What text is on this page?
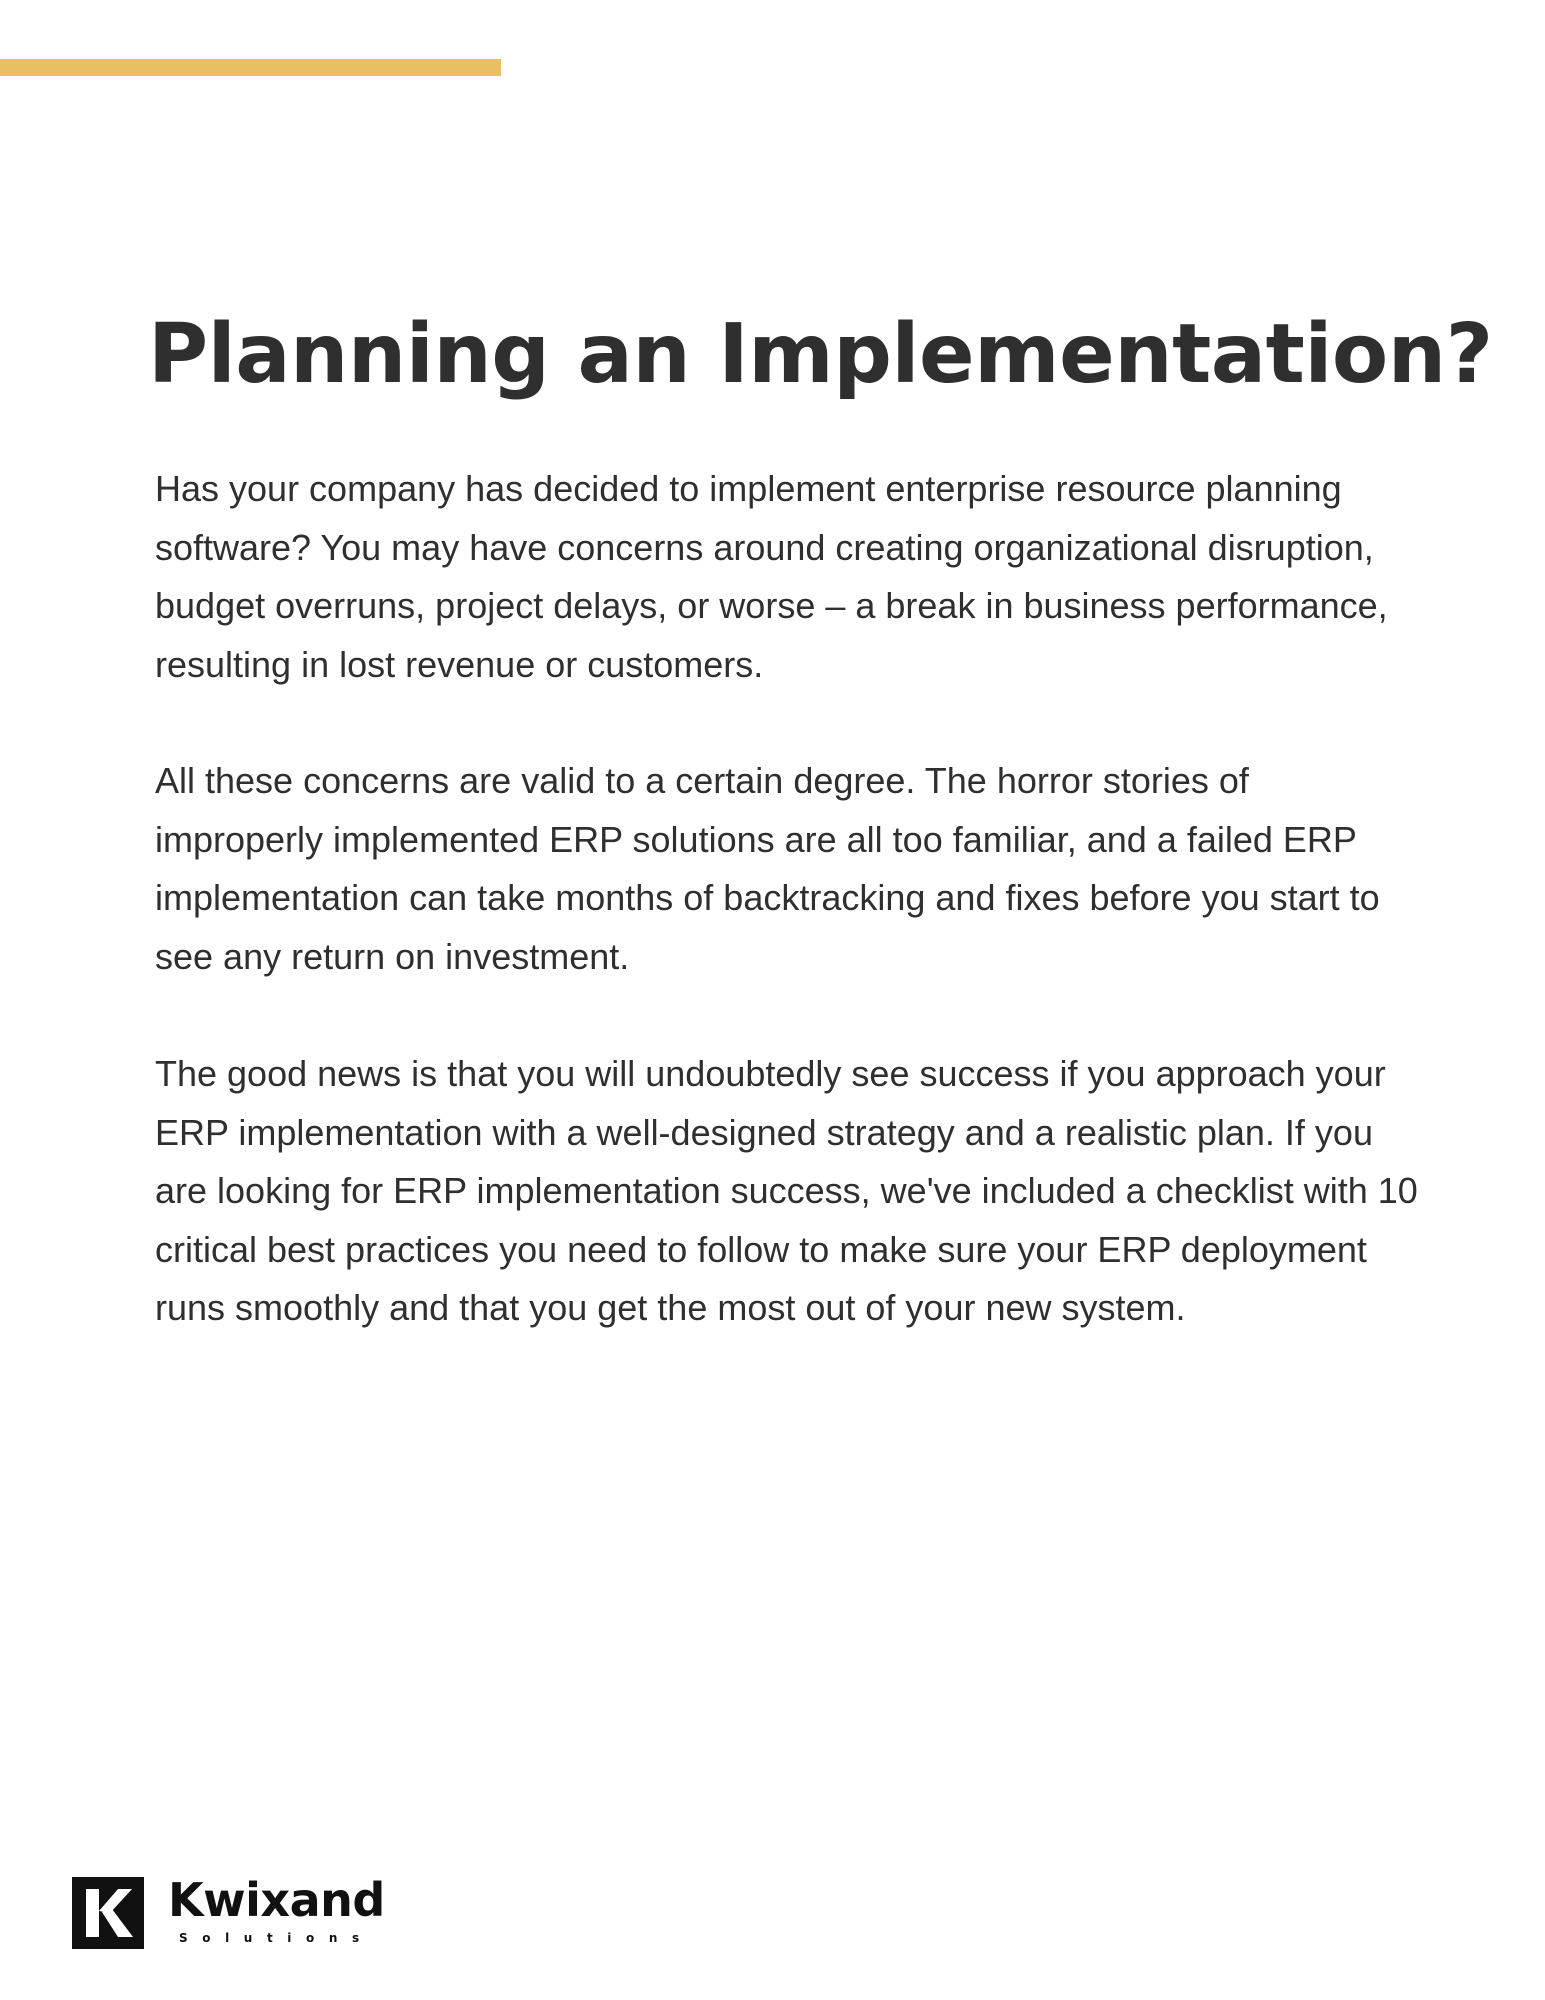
Planning an Implementation?

Has your company has decided to implement enterprise resource planning software? You may have concerns around creating organizational disruption, budget overruns, project delays, or worse – a break in business performance, resulting in lost revenue or customers.

All these concerns are valid to a certain degree. The horror stories of improperly implemented ERP solutions are all too familiar, and a failed ERP implementation can take months of backtracking and fixes before you start to see any return on investment.

The good news is that you will undoubtedly see success if you approach your ERP implementation with a well-designed strategy and a realistic plan. If you are looking for ERP implementation success, we've included a checklist with 10 critical best practices you need to follow to make sure your ERP deployment runs smoothly and that you get the most out of your new system.

Kwixand
Solutions
